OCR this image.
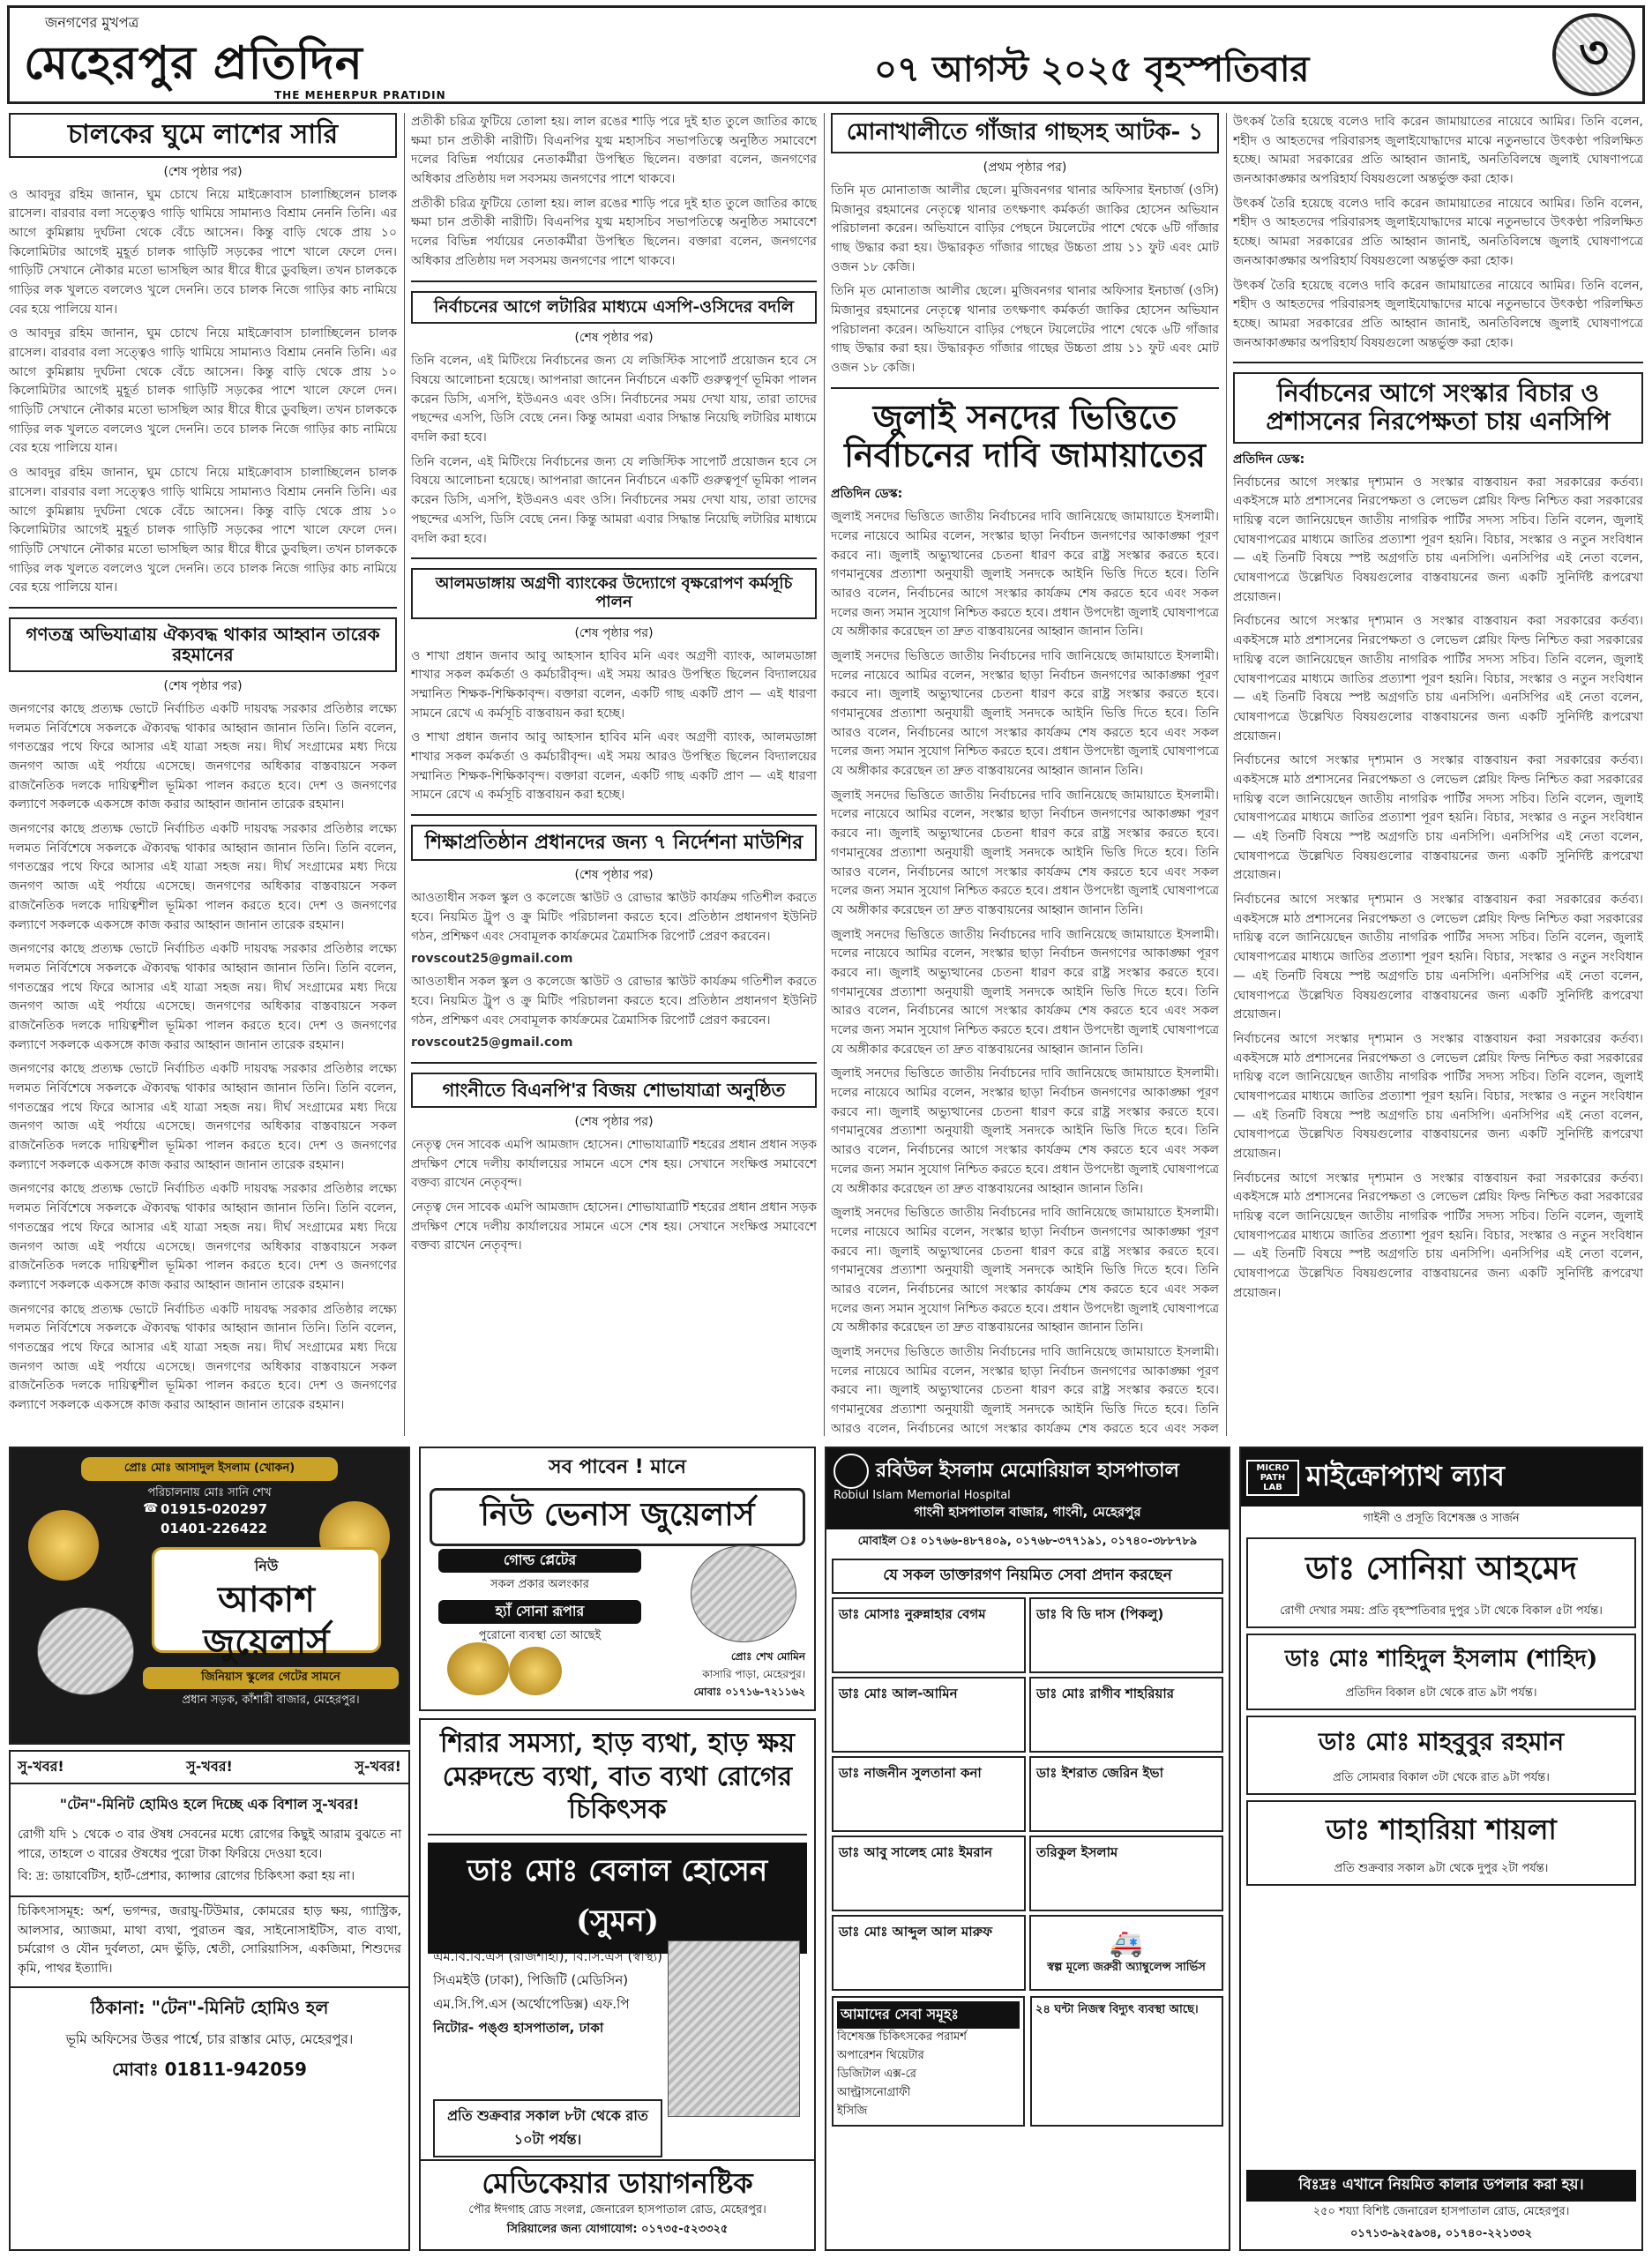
জনগণের মুখপত্র
মেহেরপুর প্রতিদিন
THE MEHERPUR PRATIDIN
০৭ আগস্ট ২০২৫ বৃহস্পতিবার	৩
চালকের ঘুমে লাশের সারি
(শেষ পৃষ্ঠার পর)

ও আবদুর রহিম জানান, ঘুম চোখে নিয়ে মাইক্রোবাস চালাচ্ছিলেন চালক রাসেল। বারবার বলা সত্ত্বেও গাড়ি থামিয়ে সামান্যও বিশ্রাম নেননি তিনি। এর আগে কুমিল্লায় দুর্ঘটনা থেকে বেঁচে আসেন। কিন্তু বাড়ি থেকে প্রায় ১০ কিলোমিটার আগেই মুহূর্ত চালক গাড়িটি সড়কের পাশে খালে ফেলে দেন। গাড়িটি সেখানে নৌকার মতো ভাসছিল আর ধীরে ধীরে ডুবছিল। তখন চালককে গাড়ির লক খুলতে বললেও খুলে দেননি। তবে চালক নিজে গাড়ির কাচ নামিয়ে বের হয়ে পালিয়ে যান।

ও আবদুর রহিম জানান, ঘুম চোখে নিয়ে মাইক্রোবাস চালাচ্ছিলেন চালক রাসেল। বারবার বলা সত্ত্বেও গাড়ি থামিয়ে সামান্যও বিশ্রাম নেননি তিনি। এর আগে কুমিল্লায় দুর্ঘটনা থেকে বেঁচে আসেন। কিন্তু বাড়ি থেকে প্রায় ১০ কিলোমিটার আগেই মুহূর্ত চালক গাড়িটি সড়কের পাশে খালে ফেলে দেন। গাড়িটি সেখানে নৌকার মতো ভাসছিল আর ধীরে ধীরে ডুবছিল। তখন চালককে গাড়ির লক খুলতে বললেও খুলে দেননি। তবে চালক নিজে গাড়ির কাচ নামিয়ে বের হয়ে পালিয়ে যান।

ও আবদুর রহিম জানান, ঘুম চোখে নিয়ে মাইক্রোবাস চালাচ্ছিলেন চালক রাসেল। বারবার বলা সত্ত্বেও গাড়ি থামিয়ে সামান্যও বিশ্রাম নেননি তিনি। এর আগে কুমিল্লায় দুর্ঘটনা থেকে বেঁচে আসেন। কিন্তু বাড়ি থেকে প্রায় ১০ কিলোমিটার আগেই মুহূর্ত চালক গাড়িটি সড়কের পাশে খালে ফেলে দেন। গাড়িটি সেখানে নৌকার মতো ভাসছিল আর ধীরে ধীরে ডুবছিল। তখন চালককে গাড়ির লক খুলতে বললেও খুলে দেননি। তবে চালক নিজে গাড়ির কাচ নামিয়ে বের হয়ে পালিয়ে যান।

গণতন্ত্র অভিযাত্রায় ঐক্যবদ্ধ থাকার আহ্বান তারেক রহমানের
(শেষ পৃষ্ঠার পর)

জনগণের কাছে প্রত্যক্ষ ভোটে নির্বাচিত একটি দায়বদ্ধ সরকার প্রতিষ্ঠার লক্ষ্যে দলমত নির্বিশেষে সকলকে ঐক্যবদ্ধ থাকার আহ্বান জানান তিনি। তিনি বলেন, গণতন্ত্রের পথে ফিরে আসার এই যাত্রা সহজ নয়। দীর্ঘ সংগ্রামের মধ্য দিয়ে জনগণ আজ এই পর্যায়ে এসেছে। জনগণের অধিকার বাস্তবায়নে সকল রাজনৈতিক দলকে দায়িত্বশীল ভূমিকা পালন করতে হবে। দেশ ও জনগণের কল্যাণে সকলকে একসঙ্গে কাজ করার আহ্বান জানান তারেক রহমান।

জনগণের কাছে প্রত্যক্ষ ভোটে নির্বাচিত একটি দায়বদ্ধ সরকার প্রতিষ্ঠার লক্ষ্যে দলমত নির্বিশেষে সকলকে ঐক্যবদ্ধ থাকার আহ্বান জানান তিনি। তিনি বলেন, গণতন্ত্রের পথে ফিরে আসার এই যাত্রা সহজ নয়। দীর্ঘ সংগ্রামের মধ্য দিয়ে জনগণ আজ এই পর্যায়ে এসেছে। জনগণের অধিকার বাস্তবায়নে সকল রাজনৈতিক দলকে দায়িত্বশীল ভূমিকা পালন করতে হবে। দেশ ও জনগণের কল্যাণে সকলকে একসঙ্গে কাজ করার আহ্বান জানান তারেক রহমান।

জনগণের কাছে প্রত্যক্ষ ভোটে নির্বাচিত একটি দায়বদ্ধ সরকার প্রতিষ্ঠার লক্ষ্যে দলমত নির্বিশেষে সকলকে ঐক্যবদ্ধ থাকার আহ্বান জানান তিনি। তিনি বলেন, গণতন্ত্রের পথে ফিরে আসার এই যাত্রা সহজ নয়। দীর্ঘ সংগ্রামের মধ্য দিয়ে জনগণ আজ এই পর্যায়ে এসেছে। জনগণের অধিকার বাস্তবায়নে সকল রাজনৈতিক দলকে দায়িত্বশীল ভূমিকা পালন করতে হবে। দেশ ও জনগণের কল্যাণে সকলকে একসঙ্গে কাজ করার আহ্বান জানান তারেক রহমান।

জনগণের কাছে প্রত্যক্ষ ভোটে নির্বাচিত একটি দায়বদ্ধ সরকার প্রতিষ্ঠার লক্ষ্যে দলমত নির্বিশেষে সকলকে ঐক্যবদ্ধ থাকার আহ্বান জানান তিনি। তিনি বলেন, গণতন্ত্রের পথে ফিরে আসার এই যাত্রা সহজ নয়। দীর্ঘ সংগ্রামের মধ্য দিয়ে জনগণ আজ এই পর্যায়ে এসেছে। জনগণের অধিকার বাস্তবায়নে সকল রাজনৈতিক দলকে দায়িত্বশীল ভূমিকা পালন করতে হবে। দেশ ও জনগণের কল্যাণে সকলকে একসঙ্গে কাজ করার আহ্বান জানান তারেক রহমান।

জনগণের কাছে প্রত্যক্ষ ভোটে নির্বাচিত একটি দায়বদ্ধ সরকার প্রতিষ্ঠার লক্ষ্যে দলমত নির্বিশেষে সকলকে ঐক্যবদ্ধ থাকার আহ্বান জানান তিনি। তিনি বলেন, গণতন্ত্রের পথে ফিরে আসার এই যাত্রা সহজ নয়। দীর্ঘ সংগ্রামের মধ্য দিয়ে জনগণ আজ এই পর্যায়ে এসেছে। জনগণের অধিকার বাস্তবায়নে সকল রাজনৈতিক দলকে দায়িত্বশীল ভূমিকা পালন করতে হবে। দেশ ও জনগণের কল্যাণে সকলকে একসঙ্গে কাজ করার আহ্বান জানান তারেক রহমান।

জনগণের কাছে প্রত্যক্ষ ভোটে নির্বাচিত একটি দায়বদ্ধ সরকার প্রতিষ্ঠার লক্ষ্যে দলমত নির্বিশেষে সকলকে ঐক্যবদ্ধ থাকার আহ্বান জানান তিনি। তিনি বলেন, গণতন্ত্রের পথে ফিরে আসার এই যাত্রা সহজ নয়। দীর্ঘ সংগ্রামের মধ্য দিয়ে জনগণ আজ এই পর্যায়ে এসেছে। জনগণের অধিকার বাস্তবায়নে সকল রাজনৈতিক দলকে দায়িত্বশীল ভূমিকা পালন করতে হবে। দেশ ও জনগণের কল্যাণে সকলকে একসঙ্গে কাজ করার আহ্বান জানান তারেক রহমান।

প্রতীকী চরিত্র ফুটিয়ে তোলা হয়। লাল রঙের শাড়ি পরে দুই হাত তুলে জাতির কাছে ক্ষমা চান প্রতীকী নারীটি। বিএনপির যুগ্ম মহাসচিব সভাপতিত্বে অনুষ্ঠিত সমাবেশে দলের বিভিন্ন পর্যায়ের নেতাকর্মীরা উপস্থিত ছিলেন। বক্তারা বলেন, জনগণের অধিকার প্রতিষ্ঠায় দল সবসময় জনগণের পাশে থাকবে।

প্রতীকী চরিত্র ফুটিয়ে তোলা হয়। লাল রঙের শাড়ি পরে দুই হাত তুলে জাতির কাছে ক্ষমা চান প্রতীকী নারীটি। বিএনপির যুগ্ম মহাসচিব সভাপতিত্বে অনুষ্ঠিত সমাবেশে দলের বিভিন্ন পর্যায়ের নেতাকর্মীরা উপস্থিত ছিলেন। বক্তারা বলেন, জনগণের অধিকার প্রতিষ্ঠায় দল সবসময় জনগণের পাশে থাকবে।

নির্বাচনের আগে লটারির মাধ্যমে এসপি-ওসিদের বদলি
(শেষ পৃষ্ঠার পর)

তিনি বলেন, এই মিটিংয়ে নির্বাচনের জন্য যে লজিস্টিক সাপোর্ট প্রয়োজন হবে সে বিষয়ে আলোচনা হয়েছে। আপনারা জানেন নির্বাচনে একটি গুরুত্বপূর্ণ ভূমিকা পালন করেন ডিসি, এসপি, ইউএনও এবং ওসি। নির্বাচনের সময় দেখা যায়, তারা তাদের পছন্দের এসপি, ডিসি বেছে নেন। কিন্তু আমরা এবার সিদ্ধান্ত নিয়েছি লটারির মাধ্যমে বদলি করা হবে।

তিনি বলেন, এই মিটিংয়ে নির্বাচনের জন্য যে লজিস্টিক সাপোর্ট প্রয়োজন হবে সে বিষয়ে আলোচনা হয়েছে। আপনারা জানেন নির্বাচনে একটি গুরুত্বপূর্ণ ভূমিকা পালন করেন ডিসি, এসপি, ইউএনও এবং ওসি। নির্বাচনের সময় দেখা যায়, তারা তাদের পছন্দের এসপি, ডিসি বেছে নেন। কিন্তু আমরা এবার সিদ্ধান্ত নিয়েছি লটারির মাধ্যমে বদলি করা হবে।

আলমডাঙ্গায় অগ্রণী ব্যাংকের উদ্যোগে বৃক্ষরোপণ কর্মসূচি পালন
(শেষ পৃষ্ঠার পর)

ও শাখা প্রধান জনাব আবু আহসান হাবিব মনি এবং অগ্রণী ব্যাংক, আলমডাঙ্গা শাখার সকল কর্মকর্তা ও কর্মচারীবৃন্দ। এই সময় আরও উপস্থিত ছিলেন বিদ্যালয়ের সম্মানিত শিক্ষক-শিক্ষিকাবৃন্দ। বক্তারা বলেন, একটি গাছ একটি প্রাণ — এই ধারণা সামনে রেখে এ কর্মসূচি বাস্তবায়ন করা হচ্ছে।

ও শাখা প্রধান জনাব আবু আহসান হাবিব মনি এবং অগ্রণী ব্যাংক, আলমডাঙ্গা শাখার সকল কর্মকর্তা ও কর্মচারীবৃন্দ। এই সময় আরও উপস্থিত ছিলেন বিদ্যালয়ের সম্মানিত শিক্ষক-শিক্ষিকাবৃন্দ। বক্তারা বলেন, একটি গাছ একটি প্রাণ — এই ধারণা সামনে রেখে এ কর্মসূচি বাস্তবায়ন করা হচ্ছে।

শিক্ষাপ্রতিষ্ঠান প্রধানদের জন্য ৭ নির্দেশনা মাউশির
(শেষ পৃষ্ঠার পর)

আওতাধীন সকল স্কুল ও কলেজে স্কাউট ও রোভার স্কাউট কার্যক্রম গতিশীল করতে হবে। নিয়মিত ট্রুপ ও ক্রু মিটিং পরিচালনা করতে হবে। প্রতিষ্ঠান প্রধানগণ ইউনিট গঠন, প্রশিক্ষণ এবং সেবামূলক কার্যক্রমের ত্রৈমাসিক রিপোর্ট প্রেরণ করবেন।

rovscout25@gmail.com

আওতাধীন সকল স্কুল ও কলেজে স্কাউট ও রোভার স্কাউট কার্যক্রম গতিশীল করতে হবে। নিয়মিত ট্রুপ ও ক্রু মিটিং পরিচালনা করতে হবে। প্রতিষ্ঠান প্রধানগণ ইউনিট গঠন, প্রশিক্ষণ এবং সেবামূলক কার্যক্রমের ত্রৈমাসিক রিপোর্ট প্রেরণ করবেন।

rovscout25@gmail.com

গাংনীতে বিএনপি'র বিজয় শোভাযাত্রা অনুষ্ঠিত
(শেষ পৃষ্ঠার পর)

নেতৃত্ব দেন সাবেক এমপি আমজাদ হোসেন। শোভাযাত্রাটি শহরের প্রধান প্রধান সড়ক প্রদক্ষিণ শেষে দলীয় কার্যালয়ের সামনে এসে শেষ হয়। সেখানে সংক্ষিপ্ত সমাবেশে বক্তব্য রাখেন নেতৃবৃন্দ।

নেতৃত্ব দেন সাবেক এমপি আমজাদ হোসেন। শোভাযাত্রাটি শহরের প্রধান প্রধান সড়ক প্রদক্ষিণ শেষে দলীয় কার্যালয়ের সামনে এসে শেষ হয়। সেখানে সংক্ষিপ্ত সমাবেশে বক্তব্য রাখেন নেতৃবৃন্দ।

মোনাখালীতে গাঁজার গাছসহ আটক- ১
(প্রথম পৃষ্ঠার পর)

তিনি মৃত মোনাতাজ আলীর ছেলে। মুজিবনগর থানার অফিসার ইনচার্জ (ওসি) মিজানুর রহমানের নেতৃত্বে থানার তৎক্ষণাৎ কর্মকর্তা জাকির হোসেন অভিযান পরিচালনা করেন। অভিযানে বাড়ির পেছনে টয়লেটের পাশে থেকে ৬টি গাঁজার গাছ উদ্ধার করা হয়। উদ্ধারকৃত গাঁজার গাছের উচ্চতা প্রায় ১১ ফুট এবং মোট ওজন ১৮ কেজি।

তিনি মৃত মোনাতাজ আলীর ছেলে। মুজিবনগর থানার অফিসার ইনচার্জ (ওসি) মিজানুর রহমানের নেতৃত্বে থানার তৎক্ষণাৎ কর্মকর্তা জাকির হোসেন অভিযান পরিচালনা করেন। অভিযানে বাড়ির পেছনে টয়লেটের পাশে থেকে ৬টি গাঁজার গাছ উদ্ধার করা হয়। উদ্ধারকৃত গাঁজার গাছের উচ্চতা প্রায় ১১ ফুট এবং মোট ওজন ১৮ কেজি।

জুলাই সনদের ভিত্তিতে নির্বাচনের দাবি জামায়াতের
প্রতিদিন ডেস্ক:

জুলাই সনদের ভিত্তিতে জাতীয় নির্বাচনের দাবি জানিয়েছে জামায়াতে ইসলামী। দলের নায়েবে আমির বলেন, সংস্কার ছাড়া নির্বাচন জনগণের আকাঙ্ক্ষা পূরণ করবে না। জুলাই অভ্যুত্থানের চেতনা ধারণ করে রাষ্ট্র সংস্কার করতে হবে। গণমানুষের প্রত্যাশা অনুযায়ী জুলাই সনদকে আইনি ভিত্তি দিতে হবে। তিনি আরও বলেন, নির্বাচনের আগে সংস্কার কার্যক্রম শেষ করতে হবে এবং সকল দলের জন্য সমান সুযোগ নিশ্চিত করতে হবে। প্রধান উপদেষ্টা জুলাই ঘোষণাপত্রে যে অঙ্গীকার করেছেন তা দ্রুত বাস্তবায়নের আহ্বান জানান তিনি।

জুলাই সনদের ভিত্তিতে জাতীয় নির্বাচনের দাবি জানিয়েছে জামায়াতে ইসলামী। দলের নায়েবে আমির বলেন, সংস্কার ছাড়া নির্বাচন জনগণের আকাঙ্ক্ষা পূরণ করবে না। জুলাই অভ্যুত্থানের চেতনা ধারণ করে রাষ্ট্র সংস্কার করতে হবে। গণমানুষের প্রত্যাশা অনুযায়ী জুলাই সনদকে আইনি ভিত্তি দিতে হবে। তিনি আরও বলেন, নির্বাচনের আগে সংস্কার কার্যক্রম শেষ করতে হবে এবং সকল দলের জন্য সমান সুযোগ নিশ্চিত করতে হবে। প্রধান উপদেষ্টা জুলাই ঘোষণাপত্রে যে অঙ্গীকার করেছেন তা দ্রুত বাস্তবায়নের আহ্বান জানান তিনি।

জুলাই সনদের ভিত্তিতে জাতীয় নির্বাচনের দাবি জানিয়েছে জামায়াতে ইসলামী। দলের নায়েবে আমির বলেন, সংস্কার ছাড়া নির্বাচন জনগণের আকাঙ্ক্ষা পূরণ করবে না। জুলাই অভ্যুত্থানের চেতনা ধারণ করে রাষ্ট্র সংস্কার করতে হবে। গণমানুষের প্রত্যাশা অনুযায়ী জুলাই সনদকে আইনি ভিত্তি দিতে হবে। তিনি আরও বলেন, নির্বাচনের আগে সংস্কার কার্যক্রম শেষ করতে হবে এবং সকল দলের জন্য সমান সুযোগ নিশ্চিত করতে হবে। প্রধান উপদেষ্টা জুলাই ঘোষণাপত্রে যে অঙ্গীকার করেছেন তা দ্রুত বাস্তবায়নের আহ্বান জানান তিনি।

জুলাই সনদের ভিত্তিতে জাতীয় নির্বাচনের দাবি জানিয়েছে জামায়াতে ইসলামী। দলের নায়েবে আমির বলেন, সংস্কার ছাড়া নির্বাচন জনগণের আকাঙ্ক্ষা পূরণ করবে না। জুলাই অভ্যুত্থানের চেতনা ধারণ করে রাষ্ট্র সংস্কার করতে হবে। গণমানুষের প্রত্যাশা অনুযায়ী জুলাই সনদকে আইনি ভিত্তি দিতে হবে। তিনি আরও বলেন, নির্বাচনের আগে সংস্কার কার্যক্রম শেষ করতে হবে এবং সকল দলের জন্য সমান সুযোগ নিশ্চিত করতে হবে। প্রধান উপদেষ্টা জুলাই ঘোষণাপত্রে যে অঙ্গীকার করেছেন তা দ্রুত বাস্তবায়নের আহ্বান জানান তিনি।

জুলাই সনদের ভিত্তিতে জাতীয় নির্বাচনের দাবি জানিয়েছে জামায়াতে ইসলামী। দলের নায়েবে আমির বলেন, সংস্কার ছাড়া নির্বাচন জনগণের আকাঙ্ক্ষা পূরণ করবে না। জুলাই অভ্যুত্থানের চেতনা ধারণ করে রাষ্ট্র সংস্কার করতে হবে। গণমানুষের প্রত্যাশা অনুযায়ী জুলাই সনদকে আইনি ভিত্তি দিতে হবে। তিনি আরও বলেন, নির্বাচনের আগে সংস্কার কার্যক্রম শেষ করতে হবে এবং সকল দলের জন্য সমান সুযোগ নিশ্চিত করতে হবে। প্রধান উপদেষ্টা জুলাই ঘোষণাপত্রে যে অঙ্গীকার করেছেন তা দ্রুত বাস্তবায়নের আহ্বান জানান তিনি।

জুলাই সনদের ভিত্তিতে জাতীয় নির্বাচনের দাবি জানিয়েছে জামায়াতে ইসলামী। দলের নায়েবে আমির বলেন, সংস্কার ছাড়া নির্বাচন জনগণের আকাঙ্ক্ষা পূরণ করবে না। জুলাই অভ্যুত্থানের চেতনা ধারণ করে রাষ্ট্র সংস্কার করতে হবে। গণমানুষের প্রত্যাশা অনুযায়ী জুলাই সনদকে আইনি ভিত্তি দিতে হবে। তিনি আরও বলেন, নির্বাচনের আগে সংস্কার কার্যক্রম শেষ করতে হবে এবং সকল দলের জন্য সমান সুযোগ নিশ্চিত করতে হবে। প্রধান উপদেষ্টা জুলাই ঘোষণাপত্রে যে অঙ্গীকার করেছেন তা দ্রুত বাস্তবায়নের আহ্বান জানান তিনি।

জুলাই সনদের ভিত্তিতে জাতীয় নির্বাচনের দাবি জানিয়েছে জামায়াতে ইসলামী। দলের নায়েবে আমির বলেন, সংস্কার ছাড়া নির্বাচন জনগণের আকাঙ্ক্ষা পূরণ করবে না। জুলাই অভ্যুত্থানের চেতনা ধারণ করে রাষ্ট্র সংস্কার করতে হবে। গণমানুষের প্রত্যাশা অনুযায়ী জুলাই সনদকে আইনি ভিত্তি দিতে হবে। তিনি আরও বলেন, নির্বাচনের আগে সংস্কার কার্যক্রম শেষ করতে হবে এবং সকল

উৎকর্ষ তৈরি হয়েছে বলেও দাবি করেন জামায়াতের নায়েবে আমির। তিনি বলেন, শহীদ ও আহতদের পরিবারসহ জুলাইযোদ্ধাদের মাঝে নতুনভাবে উৎকণ্ঠা পরিলক্ষিত হচ্ছে। আমরা সরকারের প্রতি আহ্বান জানাই, অনতিবিলম্বে জুলাই ঘোষণাপত্রে জনআকাঙ্ক্ষার অপরিহার্য বিষয়গুলো অন্তর্ভুক্ত করা হোক।

উৎকর্ষ তৈরি হয়েছে বলেও দাবি করেন জামায়াতের নায়েবে আমির। তিনি বলেন, শহীদ ও আহতদের পরিবারসহ জুলাইযোদ্ধাদের মাঝে নতুনভাবে উৎকণ্ঠা পরিলক্ষিত হচ্ছে। আমরা সরকারের প্রতি আহ্বান জানাই, অনতিবিলম্বে জুলাই ঘোষণাপত্রে জনআকাঙ্ক্ষার অপরিহার্য বিষয়গুলো অন্তর্ভুক্ত করা হোক।

উৎকর্ষ তৈরি হয়েছে বলেও দাবি করেন জামায়াতের নায়েবে আমির। তিনি বলেন, শহীদ ও আহতদের পরিবারসহ জুলাইযোদ্ধাদের মাঝে নতুনভাবে উৎকণ্ঠা পরিলক্ষিত হচ্ছে। আমরা সরকারের প্রতি আহ্বান জানাই, অনতিবিলম্বে জুলাই ঘোষণাপত্রে জনআকাঙ্ক্ষার অপরিহার্য বিষয়গুলো অন্তর্ভুক্ত করা হোক।

নির্বাচনের আগে সংস্কার বিচার ও প্রশাসনের নিরপেক্ষতা চায় এনসিপি
প্রতিদিন ডেস্ক:

নির্বাচনের আগে সংস্কার দৃশ্যমান ও সংস্কার বাস্তবায়ন করা সরকারের কর্তব্য। একইসঙ্গে মাঠ প্রশাসনের নিরপেক্ষতা ও লেভেল প্লেয়িং ফিল্ড নিশ্চিত করা সরকারের দায়িত্ব বলে জানিয়েছেন জাতীয় নাগরিক পার্টির সদস্য সচিব। তিনি বলেন, জুলাই ঘোষণাপত্রের মাধ্যমে জাতির প্রত্যাশা পূরণ হয়নি। বিচার, সংস্কার ও নতুন সংবিধান — এই তিনটি বিষয়ে স্পষ্ট অগ্রগতি চায় এনসিপি। এনসিপির এই নেতা বলেন, ঘোষণাপত্রে উল্লেখিত বিষয়গুলোর বাস্তবায়নের জন্য একটি সুনির্দিষ্ট রূপরেখা প্রয়োজন।

নির্বাচনের আগে সংস্কার দৃশ্যমান ও সংস্কার বাস্তবায়ন করা সরকারের কর্তব্য। একইসঙ্গে মাঠ প্রশাসনের নিরপেক্ষতা ও লেভেল প্লেয়িং ফিল্ড নিশ্চিত করা সরকারের দায়িত্ব বলে জানিয়েছেন জাতীয় নাগরিক পার্টির সদস্য সচিব। তিনি বলেন, জুলাই ঘোষণাপত্রের মাধ্যমে জাতির প্রত্যাশা পূরণ হয়নি। বিচার, সংস্কার ও নতুন সংবিধান — এই তিনটি বিষয়ে স্পষ্ট অগ্রগতি চায় এনসিপি। এনসিপির এই নেতা বলেন, ঘোষণাপত্রে উল্লেখিত বিষয়গুলোর বাস্তবায়নের জন্য একটি সুনির্দিষ্ট রূপরেখা প্রয়োজন।

নির্বাচনের আগে সংস্কার দৃশ্যমান ও সংস্কার বাস্তবায়ন করা সরকারের কর্তব্য। একইসঙ্গে মাঠ প্রশাসনের নিরপেক্ষতা ও লেভেল প্লেয়িং ফিল্ড নিশ্চিত করা সরকারের দায়িত্ব বলে জানিয়েছেন জাতীয় নাগরিক পার্টির সদস্য সচিব। তিনি বলেন, জুলাই ঘোষণাপত্রের মাধ্যমে জাতির প্রত্যাশা পূরণ হয়নি। বিচার, সংস্কার ও নতুন সংবিধান — এই তিনটি বিষয়ে স্পষ্ট অগ্রগতি চায় এনসিপি। এনসিপির এই নেতা বলেন, ঘোষণাপত্রে উল্লেখিত বিষয়গুলোর বাস্তবায়নের জন্য একটি সুনির্দিষ্ট রূপরেখা প্রয়োজন।

নির্বাচনের আগে সংস্কার দৃশ্যমান ও সংস্কার বাস্তবায়ন করা সরকারের কর্তব্য। একইসঙ্গে মাঠ প্রশাসনের নিরপেক্ষতা ও লেভেল প্লেয়িং ফিল্ড নিশ্চিত করা সরকারের দায়িত্ব বলে জানিয়েছেন জাতীয় নাগরিক পার্টির সদস্য সচিব। তিনি বলেন, জুলাই ঘোষণাপত্রের মাধ্যমে জাতির প্রত্যাশা পূরণ হয়নি। বিচার, সংস্কার ও নতুন সংবিধান — এই তিনটি বিষয়ে স্পষ্ট অগ্রগতি চায় এনসিপি। এনসিপির এই নেতা বলেন, ঘোষণাপত্রে উল্লেখিত বিষয়গুলোর বাস্তবায়নের জন্য একটি সুনির্দিষ্ট রূপরেখা প্রয়োজন।

নির্বাচনের আগে সংস্কার দৃশ্যমান ও সংস্কার বাস্তবায়ন করা সরকারের কর্তব্য। একইসঙ্গে মাঠ প্রশাসনের নিরপেক্ষতা ও লেভেল প্লেয়িং ফিল্ড নিশ্চিত করা সরকারের দায়িত্ব বলে জানিয়েছেন জাতীয় নাগরিক পার্টির সদস্য সচিব। তিনি বলেন, জুলাই ঘোষণাপত্রের মাধ্যমে জাতির প্রত্যাশা পূরণ হয়নি। বিচার, সংস্কার ও নতুন সংবিধান — এই তিনটি বিষয়ে স্পষ্ট অগ্রগতি চায় এনসিপি। এনসিপির এই নেতা বলেন, ঘোষণাপত্রে উল্লেখিত বিষয়গুলোর বাস্তবায়নের জন্য একটি সুনির্দিষ্ট রূপরেখা প্রয়োজন।

নির্বাচনের আগে সংস্কার দৃশ্যমান ও সংস্কার বাস্তবায়ন করা সরকারের কর্তব্য। একইসঙ্গে মাঠ প্রশাসনের নিরপেক্ষতা ও লেভেল প্লেয়িং ফিল্ড নিশ্চিত করা সরকারের দায়িত্ব বলে জানিয়েছেন জাতীয় নাগরিক পার্টির সদস্য সচিব। তিনি বলেন, জুলাই ঘোষণাপত্রের মাধ্যমে জাতির প্রত্যাশা পূরণ হয়নি। বিচার, সংস্কার ও নতুন সংবিধান — এই তিনটি বিষয়ে স্পষ্ট অগ্রগতি চায় এনসিপি। এনসিপির এই নেতা বলেন, ঘোষণাপত্রে উল্লেখিত বিষয়গুলোর বাস্তবায়নের জন্য একটি সুনির্দিষ্ট রূপরেখা প্রয়োজন।

প্রোঃ মোঃ আসাদুল ইসলাম (খোকন)
পরিচালনায় মোঃ সানি শেখ
☎ 01915-020297
01401-226422
নিউ
আকাশ জুয়েলার্স
জিনিয়াস স্কুলের গেটের সামনে
প্রধান সড়ক, কাঁশারী বাজার, মেহেরপুর।
সু-খবর!	সু-খবর!	সু-খবর!
"টেন"-মিনিট হোমিও হলে দিচ্ছে এক বিশাল সু-খবর!

রোগী যদি ১ থেকে ৩ বার ঔষধ সেবনের মধ্যে রোগের কিছুই আরাম বুঝতে না পারে, তাহলে ৩ বারের ঔষধের পুরো টাকা ফিরিয়ে দেওয়া হবে।

বি: দ্র: ডায়াবেটিস, হার্ট-প্রেশার, ক্যান্সার রোগের চিকিৎসা করা হয় না।

চিকিৎসাসমূহ: অর্শ, ভগন্দর, জরায়ু-টিউমার, কোমরের হাড় ক্ষয়, গ্যাস্ট্রিক, আলসার, অ্যাজমা, মাথা ব্যথা, পুরাতন জ্বর, সাইনোসাইটিস, বাত ব্যথা, চর্মরোগ ও যৌন দুর্বলতা, মেদ ভুঁড়ি, শ্বেতী, সোরিয়াসিস, একজিমা, শিশুদের কৃমি, পাথর ইত্যাদি।

ঠিকানা: "টেন"-মিনিট হোমিও হল
ভূমি অফিসের উত্তর পার্শ্বে, চার রাস্তার মোড়, মেহেরপুর।
মোবাঃ 01811-942059
সব পাবেন ! মানে
নিউ ভেনাস জুয়েলার্স
গোল্ড প্লেটের
সকল প্রকার অলংকার
হ্যাঁ সোনা রূপার
পুরোনো ব্যবস্থা তো আছেই
প্রোঃ শেখ মোমিন
কাসারি পাড়া, মেহেরপুর।
মোবাঃ ০১৭১৬-৭২১১৬২
শিরার সমস্যা, হাড় ব্যথা, হাড় ক্ষয় মেরুদন্ডে ব্যথা, বাত ব্যথা রোগের চিকিৎসক
ডাঃ মোঃ বেলাল হোসেন (সুমন)
এম.বি.বি.এস (রাজশাহী), বি.সি.এস (স্বাস্থ্য)
সিএমইউ (ঢাকা), পিজিটি (মেডিসিন)
এম.সি.পি.এস (অর্থোপেডিক্স) এফ.পি
নিটোর- পঙ্গু হাসপাতাল, ঢাকা
প্রতি শুক্রবার সকাল ৮টা থেকে রাত ১০টা পর্যন্ত।
মেডিকেয়ার ডায়াগনষ্টিক
পৌর ঈদগাহ রোড সংলগ্ন, জেনারেল হাসপাতাল রোড, মেহেরপুর।
সিরিয়ালের জন্য যোগাযোগ: ০১৭৩৫-৫২৩৩২৫
রবিউল ইসলাম মেমোরিয়াল হাসপাতাল
Robiul Islam Memorial Hospital
গাংনী হাসপাতাল বাজার, গাংনী, মেহেরপুর
মোবাইল ঃ ০১৭৬৬-৪৮৭৪০৯, ০১৭৬৮-৩৭৭১৯১, ০১৭৪০-৩৮৮৭৮৯
যে সকল ডাক্তারগণ নিয়মিত সেবা প্রদান করছেন
ডাঃ মোসাঃ নুরুন্নাহার বেগম	ডাঃ বি ডি দাস (পিকলু)
ডাঃ মোঃ আল-আমিন	ডাঃ মোঃ রাগীব শাহরিয়ার
ডাঃ নাজনীন সুলতানা কনা	ডাঃ ইশরাত জেরিন ইভা
ডাঃ আবু সালেহ মোঃ ইমরান	তরিকুল ইসলাম
ডাঃ মোঃ আব্দুল আল মারুফ	🚑
স্বল্প মূল্যে জরুরী অ্যাম্বুলেন্স সার্ভিস
আমাদের সেবা সমূহঃ
বিশেষজ্ঞ চিকিৎসকের পরামর্শ
অপারেশন থিয়েটার
ডিজিটাল এক্স-রে
আল্ট্রাসনোগ্রাফী
ইসিজি
২৪ ঘন্টা নিজস্ব বিদ্যুৎ ব্যবস্থা আছে।
MICRO PATH LAB মাইক্রোপ্যাথ ল্যাব
গাইনী ও প্রসূতি বিশেষজ্ঞ ও সার্জন
ডাঃ সোনিয়া আহমেদ
রোগী দেখার সময়: প্রতি বৃহস্পতিবার দুপুর ১টা থেকে বিকাল ৫টা পর্যন্ত।
ডাঃ মোঃ শাহিদুল ইসলাম (শাহিদ)
প্রতিদিন বিকাল ৪টা থেকে রাত ৯টা পর্যন্ত।
ডাঃ মোঃ মাহবুবুর রহমান
প্রতি সোমবার বিকাল ৩টা থেকে রাত ৯টা পর্যন্ত।
ডাঃ শাহারিয়া শায়লা
প্রতি শুক্রবার সকাল ৯টা থেকে দুপুর ২টা পর্যন্ত।
বিঃদ্রঃ এখানে নিয়মিত কালার ডপলার করা হয়।
২৫০ শয্যা বিশিষ্ট জেনারেল হাসপাতাল রোড, মেহেরপুর।
০১৭১৩-৯২৫৯৩৪, ০১৭৪০-২২১৩৩২
